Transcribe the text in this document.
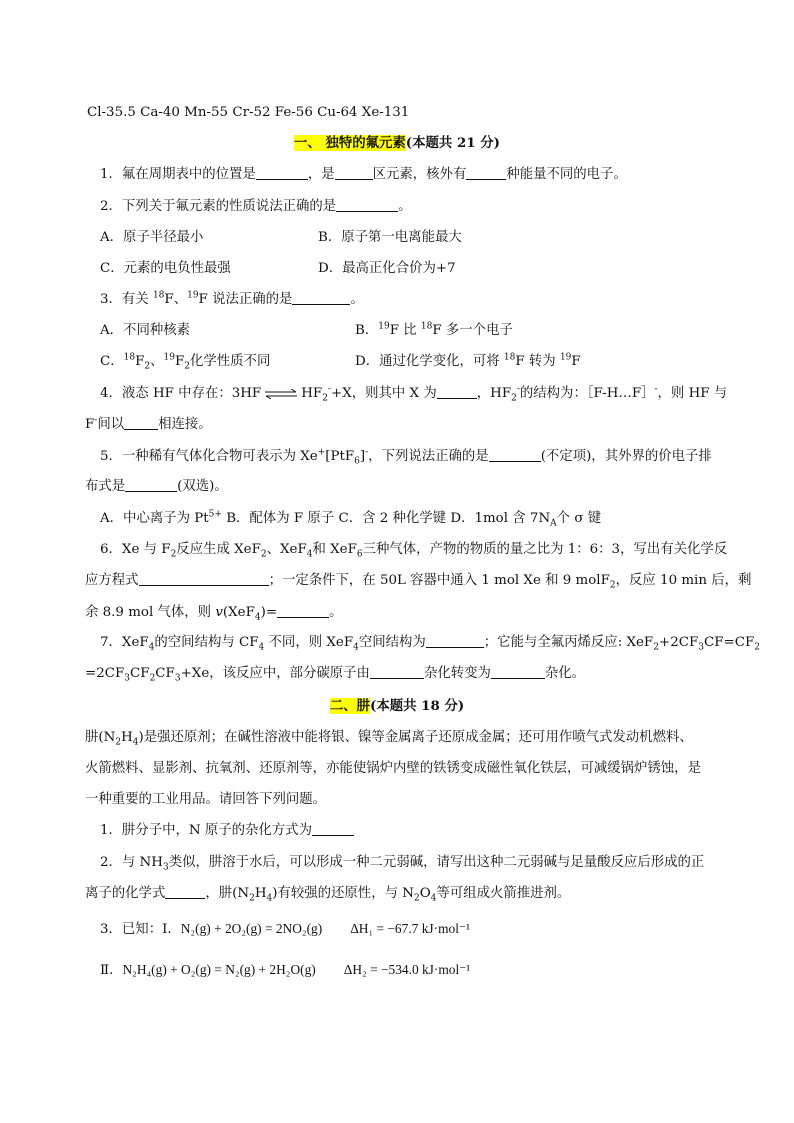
Cl-35.5 Ca-40 Mn-55 Cr-52 Fe-56 Cu-64 Xe-131
一、 独特的氟元素(本题共 21 分)
1．氟在周期表中的位置是	，是	区元素，核外有	种能量不同的电子。
2．下列关于氟元素的性质说法正确的是	。
A．原子半径最小	B．原子第一电离能最大
C．元素的电负性最强	D．最高正化合价为+7
3．有关 $^{18}$F、$^{19}$F 说法正确的是	。
A．不同种核素	B．$^{19}$F 比 $^{18}$F 多一个电子
C．$^{18}F_2$、$^{19}F_2$化学性质不同	D．通过化学变化，可将 $^{18}$F 转为 $^{19}$F
4．液态 HF 中存在：3HF ⇌ $HF_2^-+X$，则其中 X 为	，$HF_2^-$的结构为：［F-H…F］-，则 HF 与
F-间以	相连接。
5．一种稀有气体化合物可表示为 Xe+[PtF$_6$]-，下列说法正确的是	(不定项)，其外界的价电子排
布式是	(双选)。
A．中心离子为 $Pt^{5+}$ B．配体为 F 原子 C．含 2 种化学键 D．1mol 含 $7N_A$个 σ 键
6．Xe 与 $F_2$反应生成 XeF$_2$、XeF$_4$和 XeF$_6$三种气体，产物的物质的量之比为 1：6：3，写出有关化学反
应方程式	；一定条件下，在 50L 容器中通入 1 mol Xe 和 9 molF$_2$，反应 10 min 后，剩
余 8.9 mol 气体，则 v(XeF$_4$)=	。
7．XeF$_4$的空间结构与 $CF_4$ 不同，则 XeF$_4$空间结构为	；它能与全氟丙烯反应: $XeF_2+2CF_3CF=CF_2$
$=2CF_3CF_2CF_3+Xe$，该反应中，部分碳原子由	杂化转变为	杂化。
二、肼(本题共 18 分)
肼$(N_2H_4)$是强还原剂；在碱性溶液中能将银、镍等金属离子还原成金属；还可用作喷气式发动机燃料、
火箭燃料、显影剂、抗氧剂、还原剂等，亦能使锅炉内壁的铁锈变成磁性氧化铁层，可减缓锅炉锈蚀，是
一种重要的工业用品。请回答下列问题。
1．肼分子中，N 原子的杂化方式为
2．与 $NH_3$类似，肼溶于水后，可以形成一种二元弱碱，请写出这种二元弱碱与足量酸反应后形成的正
离子的化学式	，肼$(N_2H_4)$有较强的还原性，与 $N_2O_4$等可组成火箭推进剂。
3．已知：Ⅰ．N₂(g) + 2O₂(g) = 2NO₂(g) ΔH₁ = −67.7 kJ·mol⁻¹
Ⅱ．N₂H₄(g) + O₂(g) = N₂(g) + 2H₂O(g) ΔH₂ = −534.0 kJ·mol⁻¹
